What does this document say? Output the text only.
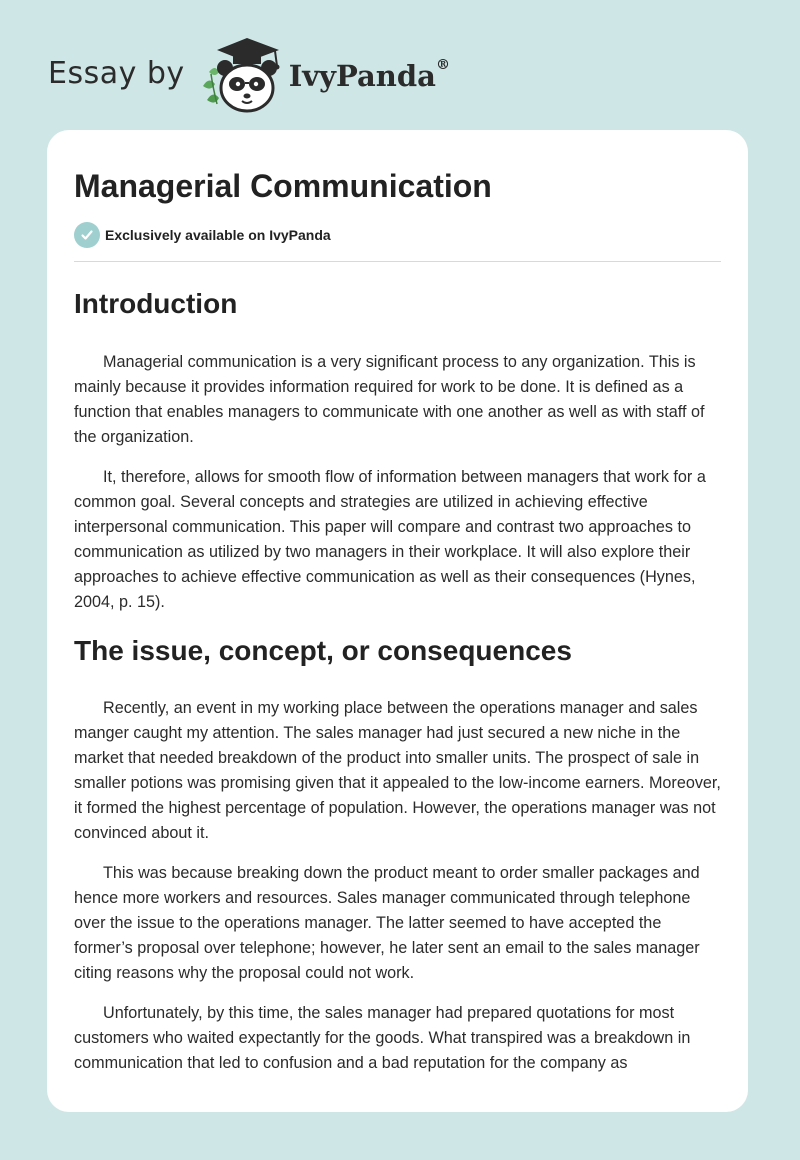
Essay by	IvyPanda®
Managerial Communication
Exclusively available on IvyPanda
Introduction

Managerial communication is a very significant process to any organization. This is mainly because it provides information required for work to be done. It is defined as a function that enables managers to communicate with one another as well as with staff of the organization.

It, therefore, allows for smooth flow of information between managers that work for a common goal. Several concepts and strategies are utilized in achieving effective interpersonal communication. This paper will compare and contrast two approaches to communication as utilized by two managers in their workplace. It will also explore their approaches to achieve effective communication as well as their consequences (Hynes, 2004, p. 15).

The issue, concept, or consequences

Recently, an event in my working place between the operations manager and sales manger caught my attention. The sales manager had just secured a new niche in the market that needed breakdown of the product into smaller units. The prospect of sale in smaller potions was promising given that it appealed to the low-income earners. Moreover, it formed the highest percentage of population. However, the operations manager was not convinced about it.

This was because breaking down the product meant to order smaller packages and hence more workers and resources. Sales manager communicated through telephone over the issue to the operations manager. The latter seemed to have accepted the former’s proposal over telephone; however, he later sent an email to the sales manager citing reasons why the proposal could not work.

Unfortunately, by this time, the sales manager had prepared quotations for most customers who waited expectantly for the goods. What transpired was a breakdown in communication that led to confusion and a bad reputation for the company as
